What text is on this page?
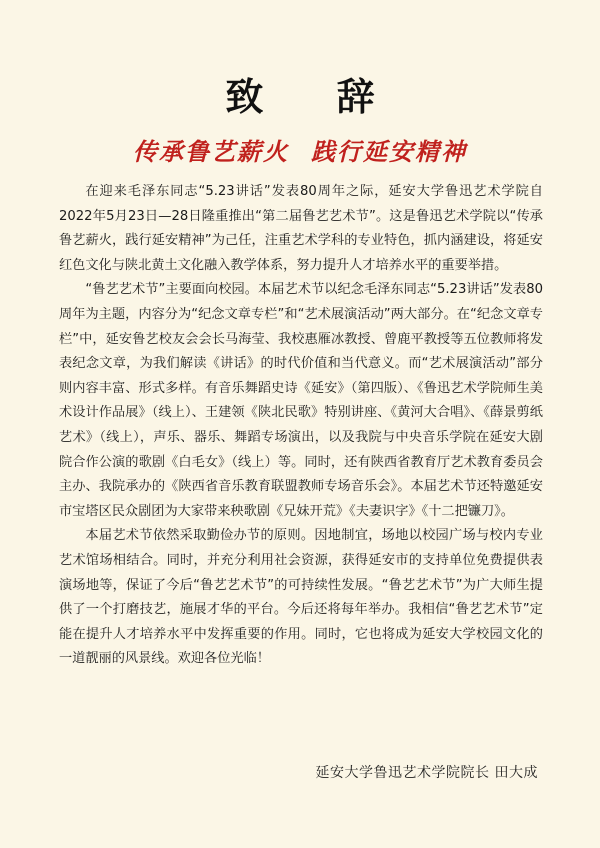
致 辞
传承鲁艺薪火 践行延安精神

在迎来毛泽东同志“5.23讲话”发表80周年之际，延安大学鲁迅艺术学院自2022年5月23日—28日隆重推出“第二届鲁艺艺术节”。这是鲁迅艺术学院以“传承鲁艺薪火，践行延安精神”为己任，注重艺术学科的专业特色，抓内涵建设，将延安红色文化与陕北黄土文化融入教学体系，努力提升人才培养水平的重要举措。

“鲁艺艺术节”主要面向校园。本届艺术节以纪念毛泽东同志“5.23讲话”发表80周年为主题，内容分为“纪念文章专栏”和“艺术展演活动”两大部分。在“纪念文章专栏”中，延安鲁艺校友会会长马海莹、我校惠雁冰教授、曾鹿平教授等五位教师将发表纪念文章，为我们解读《讲话》的时代价值和当代意义。而“艺术展演活动”部分则内容丰富、形式多样。有音乐舞蹈史诗《延安》（第四版）、《鲁迅艺术学院师生美术设计作品展》（线上）、王建领《陕北民歌》特别讲座、《黄河大合唱》、《薛景剪纸艺术》（线上），声乐、器乐、舞蹈专场演出，以及我院与中央音乐学院在延安大剧院合作公演的歌剧《白毛女》（线上）等。同时，还有陕西省教育厅艺术教育委员会主办、我院承办的《陕西省音乐教育联盟教师专场音乐会》。本届艺术节还特邀延安市宝塔区民众剧团为大家带来秧歌剧《兄妹开荒》《夫妻识字》《十二把镰刀》。

本届艺术节依然采取勤俭办节的原则。因地制宜，场地以校园广场与校内专业艺术馆场相结合。同时，并充分利用社会资源，获得延安市的支持单位免费提供表演场地等，保证了今后“鲁艺艺术节”的可持续性发展。“鲁艺艺术节”为广大师生提供了一个打磨技艺，施展才华的平台。今后还将每年举办。我相信“鲁艺艺术节”定能在提升人才培养水平中发挥重要的作用。同时，它也将成为延安大学校园文化的一道靓丽的风景线。欢迎各位光临！

延安大学鲁迅艺术学院院长 田大成
